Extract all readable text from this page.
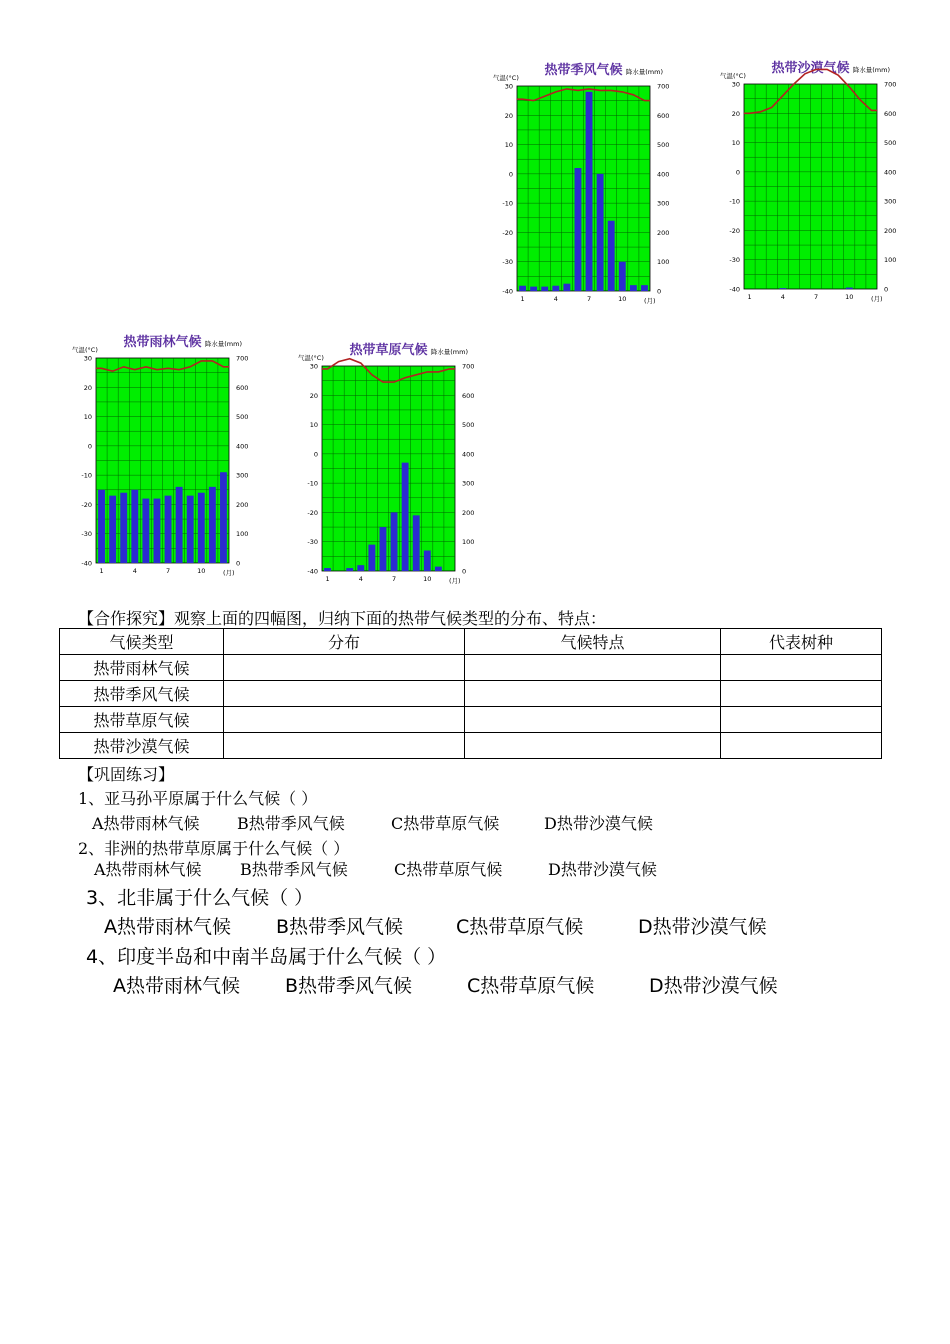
热带季风气候
气温(°C)
降水量(mm)
30
20
10
0
-10
-20
-30
-40
700
600
500
400
300
200
100
0
1	4	7	10	(月)
热带沙漠气候
气温(°C)
降水量(mm)
30
20
10
0
-10
-20
-30
-40
700
600
500
400
300
200
100
0
1	4	7	10	(月)
热带雨林气候
气温(°C)
降水量(mm)
30
20
10
0
-10
-20
-30
-40
700
600
500
400
300
200
100
0
1	4	7	10	(月)
热带草原气候
气温(°C)
降水量(mm)
30
20
10
0
-10
-20
-30
-40
700
600
500
400
300
200
100
0
1	4	7	10	(月)
【合作探究】观察上面的四幅图，归纳下面的热带气候类型的分布、特点：
气候类型	分布	气候特点	代表树种
热带雨林气候			
热带季风气候			
热带草原气候			
热带沙漠气候			
【巩固练习】
1、亚马孙平原属于什么气候（ ）
A热带雨林气候 B热带季风气候	C热带草原气候	D热带沙漠气候
2、非洲的热带草原属于什么气候（ ）
A热带雨林气候 B热带季风气候	C热带草原气候	D热带沙漠气候
3、北非属于什么气候（ ）
A热带雨林气候 B热带季风气候	C热带草原气候	D热带沙漠气候
4、印度半岛和中南半岛属于什么气候（ ）
A热带雨林气候 B热带季风气候	C热带草原气候	D热带沙漠气候
